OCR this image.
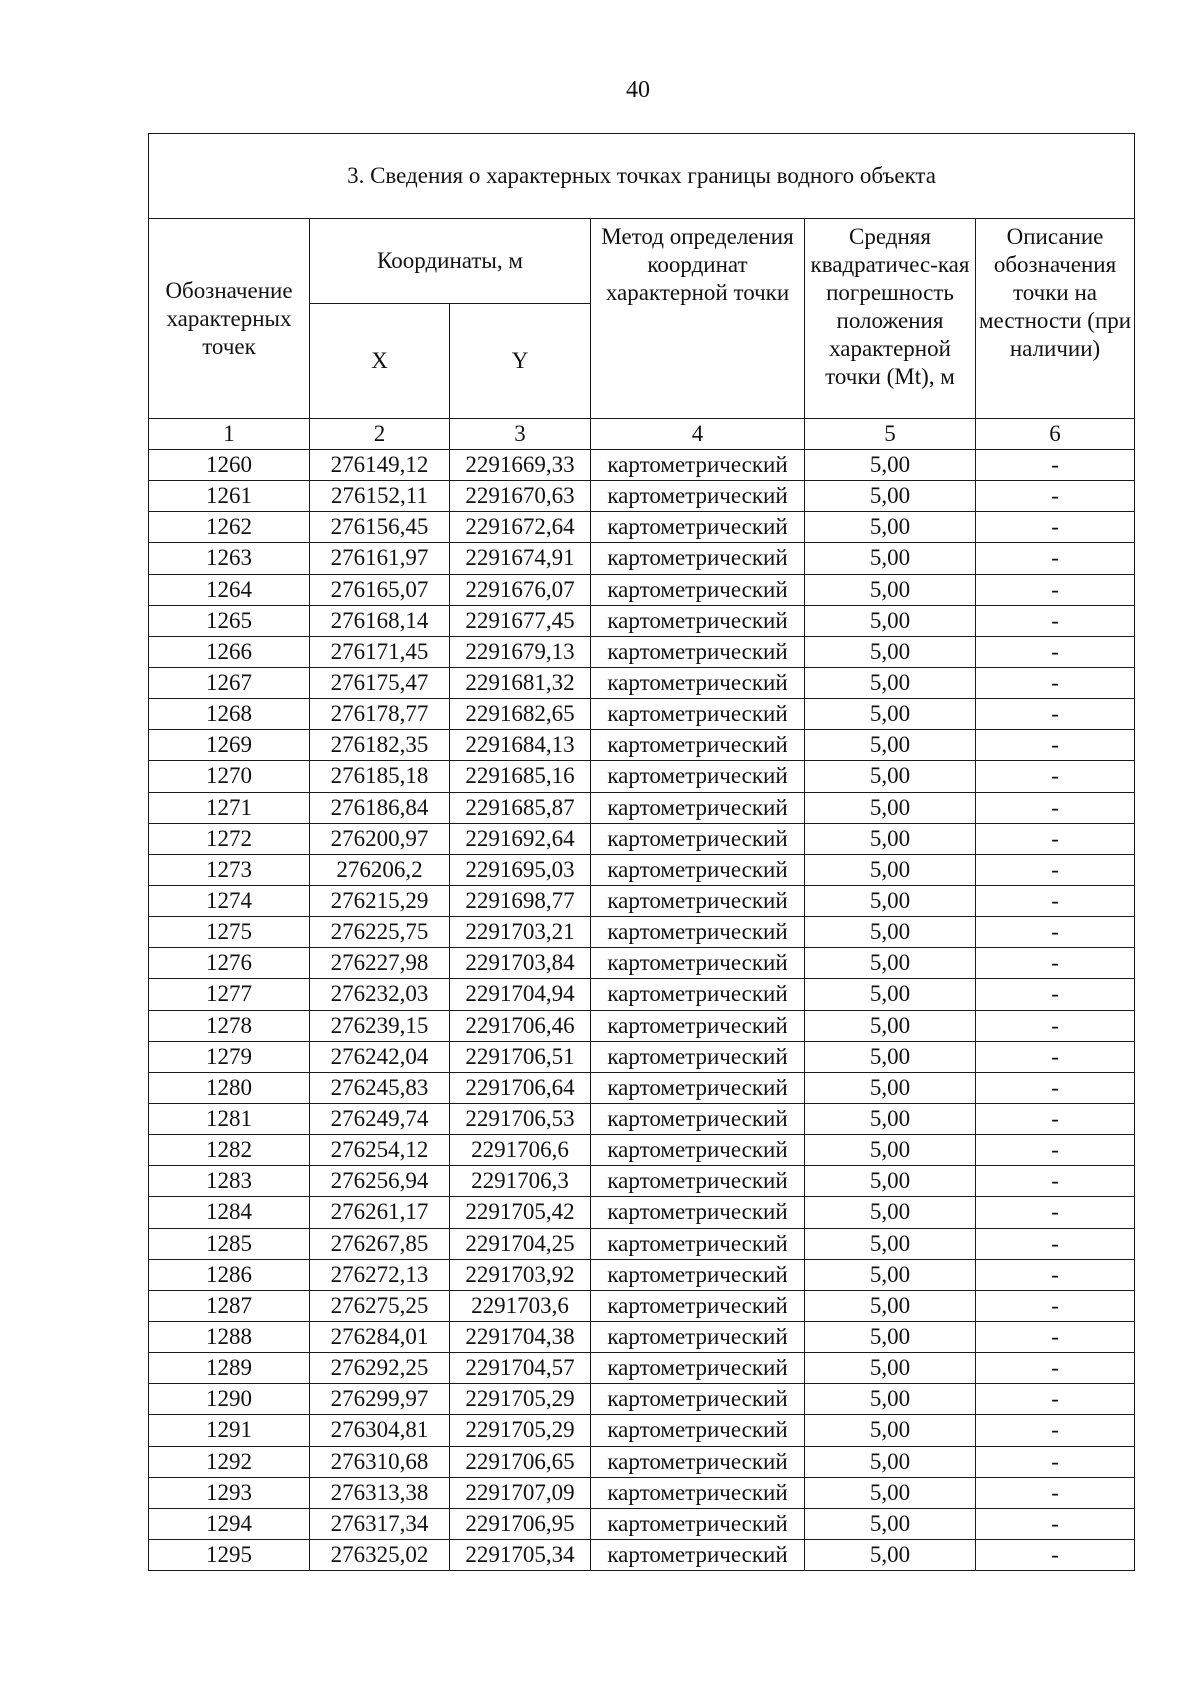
40
3. Сведения о характерных точках границы водного объекта					
Обозначение характерных точек	Координаты, м		Метод определения координат характерной точки	Средняя квадратичес-кая погрешность положения характерной точки (Mt), м	Описание обозначения точки на местности (при наличии)
	X	Y			
1	2	3	4	5	6
1260	276149,12	2291669,33	картометрический	5,00	-
1261	276152,11	2291670,63	картометрический	5,00	-
1262	276156,45	2291672,64	картометрический	5,00	-
1263	276161,97	2291674,91	картометрический	5,00	-
1264	276165,07	2291676,07	картометрический	5,00	-
1265	276168,14	2291677,45	картометрический	5,00	-
1266	276171,45	2291679,13	картометрический	5,00	-
1267	276175,47	2291681,32	картометрический	5,00	-
1268	276178,77	2291682,65	картометрический	5,00	-
1269	276182,35	2291684,13	картометрический	5,00	-
1270	276185,18	2291685,16	картометрический	5,00	-
1271	276186,84	2291685,87	картометрический	5,00	-
1272	276200,97	2291692,64	картометрический	5,00	-
1273	276206,2	2291695,03	картометрический	5,00	-
1274	276215,29	2291698,77	картометрический	5,00	-
1275	276225,75	2291703,21	картометрический	5,00	-
1276	276227,98	2291703,84	картометрический	5,00	-
1277	276232,03	2291704,94	картометрический	5,00	-
1278	276239,15	2291706,46	картометрический	5,00	-
1279	276242,04	2291706,51	картометрический	5,00	-
1280	276245,83	2291706,64	картометрический	5,00	-
1281	276249,74	2291706,53	картометрический	5,00	-
1282	276254,12	2291706,6	картометрический	5,00	-
1283	276256,94	2291706,3	картометрический	5,00	-
1284	276261,17	2291705,42	картометрический	5,00	-
1285	276267,85	2291704,25	картометрический	5,00	-
1286	276272,13	2291703,92	картометрический	5,00	-
1287	276275,25	2291703,6	картометрический	5,00	-
1288	276284,01	2291704,38	картометрический	5,00	-
1289	276292,25	2291704,57	картометрический	5,00	-
1290	276299,97	2291705,29	картометрический	5,00	-
1291	276304,81	2291705,29	картометрический	5,00	-
1292	276310,68	2291706,65	картометрический	5,00	-
1293	276313,38	2291707,09	картометрический	5,00	-
1294	276317,34	2291706,95	картометрический	5,00	-
1295	276325,02	2291705,34	картометрический	5,00	-
